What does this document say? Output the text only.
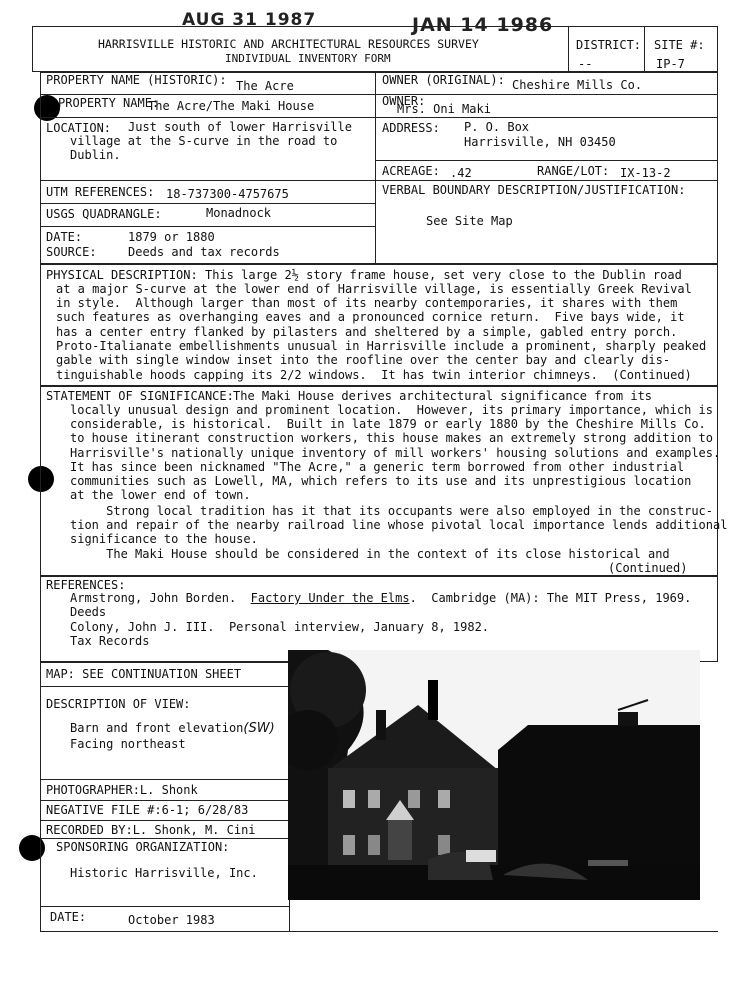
AUG 31 1987	JAN 14 1986
HARRISVILLE HISTORIC AND ARCHITECTURAL RESOURCES SURVEY
INDIVIDUAL INVENTORY FORM
DISTRICT:
--
SITE #:
IP-7
PROPERTY NAME (HISTORIC): The Acre	OWNER (ORIGINAL): Cheshire Mills Co.
PROPERTY NAME:
The Acre/The Maki House	OWNER:
Mrs. Oni Maki
LOCATION: Just south of lower Harrisville
village at the S-curve in the road to
Dublin.
ADDRESS: P. O. Box
Harrisville, NH 03450
ACREAGE: .42	RANGE/LOT: IX-13-2
UTM REFERENCES: 18-737300-4757675	VERBAL BOUNDARY DESCRIPTION/JUSTIFICATION:
See Site Map
USGS QUADRANGLE:	Monadnock
DATE:	1879 or 1880
SOURCE:	Deeds and tax records
PHYSICAL DESCRIPTION: This large 2½ story frame house, set very close to the Dublin road
at a major S-curve at the lower end of Harrisville village, is essentially Greek Revival
in style.  Although larger than most of its nearby contemporaries, it shares with them
such features as overhanging eaves and a pronounced cornice return.  Five bays wide, it
has a center entry flanked by pilasters and sheltered by a simple, gabled entry porch.
Proto-Italianate embellishments unusual in Harrisville include a prominent, sharply peaked
gable with single window inset into the roofline over the center bay and clearly dis-
tinguishable hoods capping its 2/2 windows.  It has twin interior chimneys.  (Continued)
STATEMENT OF SIGNIFICANCE: The Maki House derives architectural significance from its
locally unusual design and prominent location.  However, its primary importance, which is
considerable, is historical.  Built in late 1879 or early 1880 by the Cheshire Mills Co.
to house itinerant construction workers, this house makes an extremely strong addition to
Harrisville's nationally unique inventory of mill workers' housing solutions and examples.
It has since been nicknamed "The Acre," a generic term borrowed from other industrial
communities such as Lowell, MA, which refers to its use and its unprestigious location
at the lower end of town.
Strong local tradition has it that its occupants were also employed in the construc-
tion and repair of the nearby railroad line whose pivotal local importance lends additional
significance to the house.
The Maki House should be considered in the context of its close historical and
(Continued)
REFERENCES:
Armstrong, John Borden. Factory Under the Elms.  Cambridge (MA): The MIT Press, 1969.
Deeds
Colony, John J. III.  Personal interview, January 8, 1982.
Tax Records
MAP: SEE CONTINUATION SHEET
DESCRIPTION OF VIEW:
Barn and front elevation(SW)
Facing northeast
PHOTOGRAPHER:L. Shonk
NEGATIVE FILE #:6-1; 6/28/83
RECORDED BY:L. Shonk, M. Cini
SPONSORING ORGANIZATION:
Historic Harrisville, Inc.
DATE:	October 1983
